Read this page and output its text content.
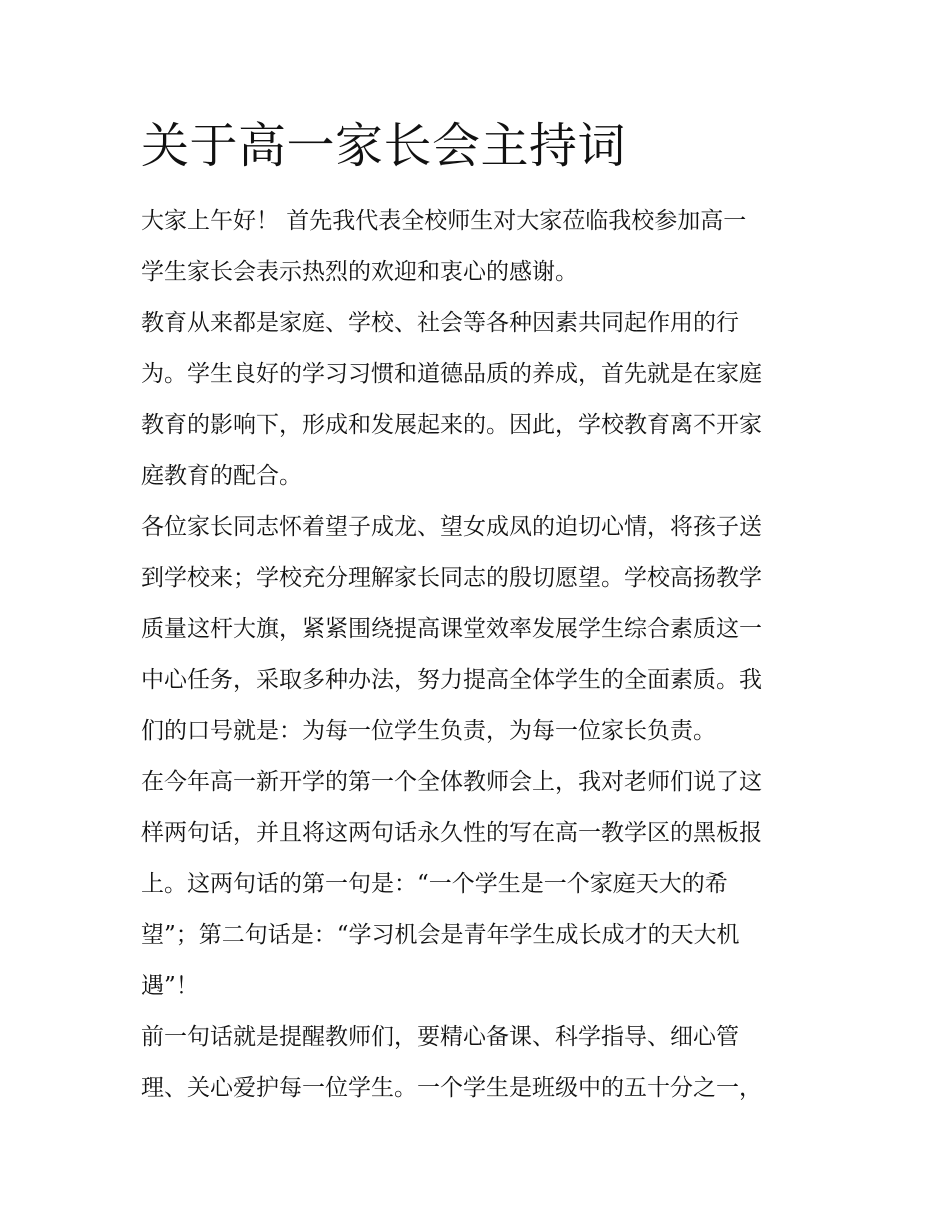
关于高一家长会主持词

大家上午好！ 首先我代表全校师生对大家莅临我校参加高一
学生家长会表示热烈的欢迎和衷心的感谢。

教育从来都是家庭、学校、社会等各种因素共同起作用的行
为。学生良好的学习习惯和道德品质的养成，首先就是在家庭
教育的影响下，形成和发展起来的。因此，学校教育离不开家
庭教育的配合。

各位家长同志怀着望子成龙、望女成凤的迫切心情，将孩子送
到学校来；学校充分理解家长同志的殷切愿望。学校高扬教学
质量这杆大旗，紧紧围绕提高课堂效率发展学生综合素质这一
中心任务，采取多种办法，努力提高全体学生的全面素质。我
们的口号就是：为每一位学生负责，为每一位家长负责。

在今年高一新开学的第一个全体教师会上，我对老师们说了这
样两句话，并且将这两句话永久性的写在高一教学区的黑板报
上。这两句话的第一句是：“一个学生是一个家庭天大的希
望”；第二句话是：“学习机会是青年学生成长成才的天大机
遇”！

前一句话就是提醒教师们，要精心备课、科学指导、细心管
理、关心爱护每一位学生。一个学生是班级中的五十分之一，
